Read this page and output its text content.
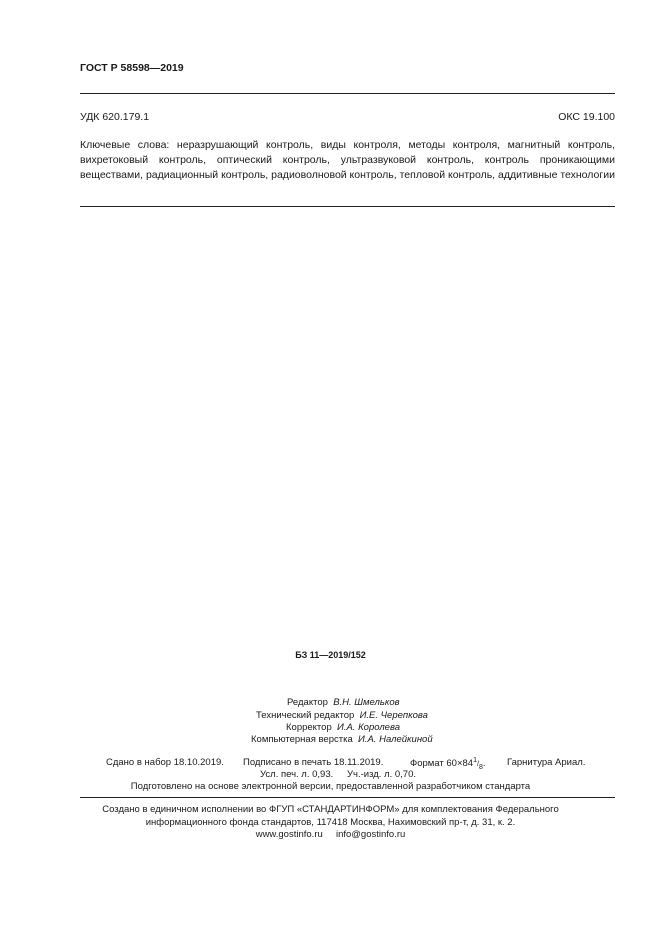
ГОСТ Р 58598—2019
УДК 620.179.1	ОКС 19.100
Ключевые слова: неразрушающий контроль, виды контроля, методы контроля, магнитный контроль, вихретоковый контроль, оптический контроль, ультразвуковой контроль, контроль проникающими веществами, радиационный контроль, радиоволновой контроль, тепловой контроль, аддитивные технологии
БЗ 11—2019/152
Редактор В.Н. Шмельков
Технический редактор И.Е. Черепкова
Корректор И.А. Королева
Компьютерная верстка И.А. Налейкиной
Сдано в набор 18.10.2019. Подписано в печать 18.11.2019.	Формат $60\times 84^1/_8$. Гарнитура Ариал.
Усл. печ. л. 0,93. Уч.-изд. л. 0,70.
Подготовлено на основе электронной версии, предоставленной разработчиком стандарта
Создано в единичном исполнении во ФГУП «СТАНДАРТИНФОРМ» для комплектования Федерального
информационного фонда стандартов, 117418 Москва, Нахимовский пр-т, д. 31, к. 2.
www.gostinfo.ru info@gostinfo.ru
